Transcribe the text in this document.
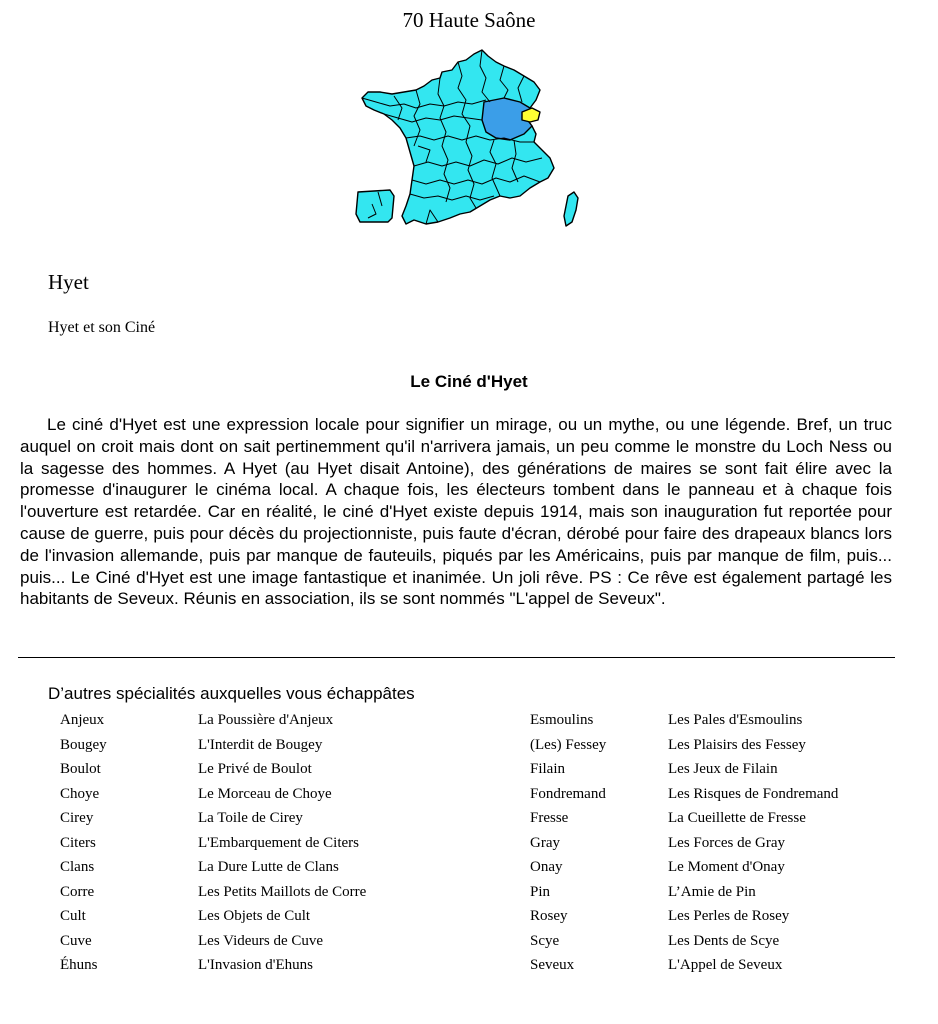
70 Haute Saône
Hyet
Hyet et son Ciné
Le Ciné d'Hyet

Le ciné d'Hyet est une expression locale pour signifier un mirage, ou un mythe, ou une légende. Bref, un truc auquel on croit mais dont on sait pertinemment qu'il n'arrivera jamais, un peu comme le monstre du Loch Ness ou la sagesse des hommes. A Hyet (au Hyet disait Antoine), des générations de maires se sont fait élire avec la promesse d'inaugurer le cinéma local. A chaque fois, les électeurs tombent dans le panneau et à chaque fois l'ouverture est retardée. Car en réalité, le ciné d'Hyet existe depuis 1914, mais son inauguration fut reportée pour cause de guerre, puis pour décès du projectionniste, puis faute d'écran, dérobé pour faire des drapeaux blancs lors de l'invasion allemande, puis par manque de fauteuils, piqués par les Américains, puis par manque de film, puis... puis... Le Ciné d'Hyet est une image fantastique et inanimée. Un joli rêve. PS : Ce rêve est également partagé les habitants de Seveux. Réunis en association, ils se sont nommés "L'appel de Seveux".

D’autres spécialités auxquelles vous échappâtes
Anjeux	La Poussière d'Anjeux
Bougey	L'Interdit de Bougey
Boulot	Le Privé de Boulot
Choye	Le Morceau de Choye
Cirey	La Toile de Cirey
Citers	L'Embarquement de Citers
Clans	La Dure Lutte de Clans
Corre	Les Petits Maillots de Corre
Cult	Les Objets de Cult
Cuve	Les Videurs de Cuve
Éhuns	L'Invasion d'Ehuns
Esmoulins	Les Pales d'Esmoulins
(Les) Fessey	Les Plaisirs des Fessey
Filain	Les Jeux de Filain
Fondremand	Les Risques de Fondremand
Fresse	La Cueillette de Fresse
Gray	Les Forces de Gray
Onay	Le Moment d'Onay
Pin	L’Amie de Pin
Rosey	Les Perles de Rosey
Scye	Les Dents de Scye
Seveux	L'Appel de Seveux
